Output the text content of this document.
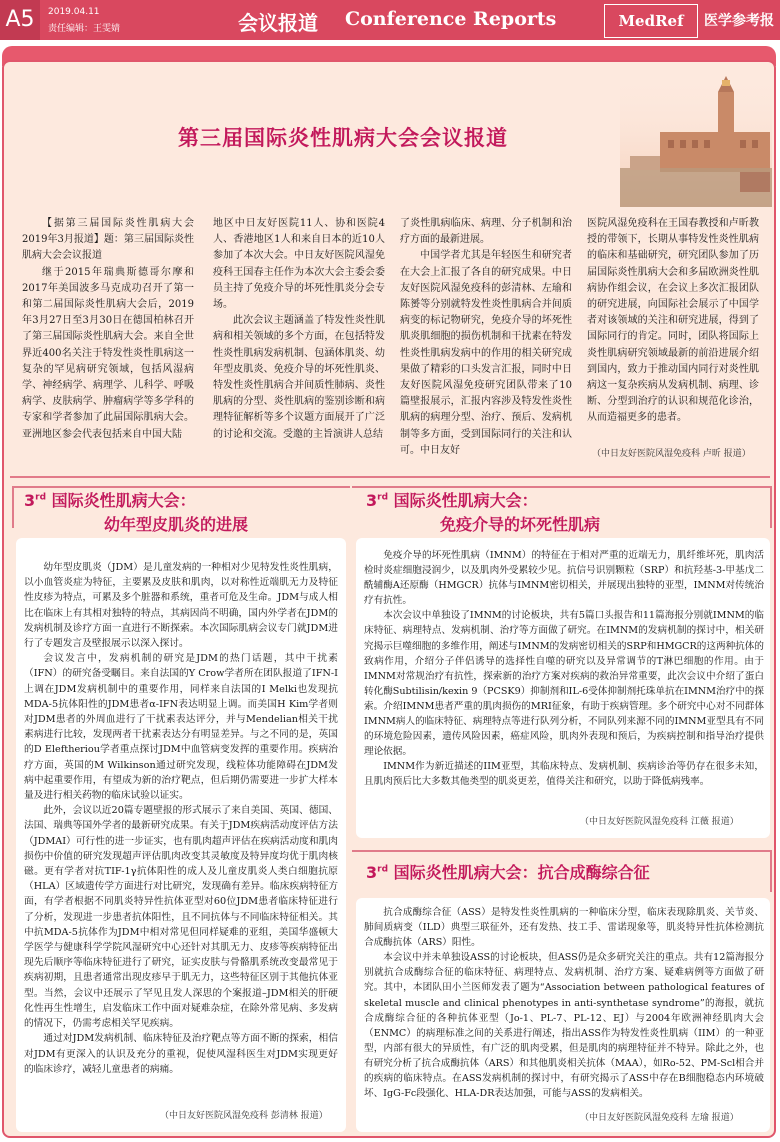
A5	2019.04.11
责任编辑：王雯婧	会议报道 Conference Reports	MedRef	医学参考报
第三届国际炎性肌病大会会议报道

【据第三届国际炎性肌病大会2019年3月报道】题：第三届国际炎性肌病大会会议报道

继于2015年瑞典斯德哥尔摩和2017年美国波多马克成功召开了第一和第二届国际炎性肌病大会后，2019年3月27日至3月30日在德国柏林召开了第三届国际炎性肌病大会。来自全世界近400名关注于特发性炎性肌病这一复杂的罕见病研究领域，包括风湿病学、神经病学、病理学、儿科学、呼吸病学、皮肤病学、肿瘤病学等多学科的专家和学者参加了此届国际肌病大会。亚洲地区参会代表包括来自中国大陆

地区中日友好医院11人、协和医院4人、香港地区1人和来自日本的近10人参加了本次大会。中日友好医院风湿免疫科王国春主任作为本次大会主委会委员主持了免疫介导的坏死性肌炎分会专场。

此次会议主题涵盖了特发性炎性肌病和相关领域的多个方面，在包括特发性炎性肌病发病机制、包涵体肌炎、幼年型皮肌炎、免疫介导的坏死性肌炎、特发性炎性肌病合并间质性肺病、炎性肌病的分型、炎性肌病的鉴别诊断和病理特征解析等多个议题方面展开了广泛的讨论和交流。受邀的主旨演讲人总结

了炎性肌病临床、病理、分子机制和治疗方面的最新进展。

中国学者尤其是年轻医生和研究者在大会上汇报了各自的研究成果。中日友好医院风湿免疫科的彭清林、左瑜和陈赟等分别就特发性炎性肌病合并间质病变的标记物研究，免疫介导的坏死性肌炎肌细胞的损伤机制和干扰素在特发性炎性肌病发病中的作用的相关研究成果做了精彩的口头发言汇报，同时中日友好医院风湿免疫研究团队带来了10篇壁报展示，汇报内容涉及特发性炎性肌病的病理分型、治疗、预后、发病机制等多方面，受到国际同行的关注和认可。中日友好

医院风湿免疫科在王国春教授和卢昕教授的带领下，长期从事特发性炎性肌病的临床和基础研究，研究团队参加了历届国际炎性肌病大会和多届欧洲炎性肌病协作组会议，在会议上多次汇报团队的研究进展，向国际社会展示了中国学者对该领域的关注和研究进展，得到了国际同行的肯定。同时，团队将国际上炎性肌病研究领域最新的前沿进展介绍到国内，致力于推动国内同行对炎性肌病这一复杂疾病从发病机制、病理、诊断、分型到治疗的认识和规范化诊治，从而造福更多的患者。

（中日友好医院风湿免疫科 卢昕 报道）
3rd 国际炎性肌病大会：
幼年型皮肌炎的进展

幼年型皮肌炎（JDM）是儿童发病的一种相对少见特发性炎性肌病，以小血管炎症为特征，主要累及皮肤和肌肉，以对称性近端肌无力及特征性皮疹为特点，可累及多个脏器和系统，重者可危及生命。JDM与成人相比在临床上有其相对独特的特点，其病因尚不明确，国内外学者在JDM的发病机制及诊疗方面一直进行不断探索。本次国际肌病会议专门就JDM进行了专题发言及壁报展示以深入探讨。

会议发言中，发病机制的研究是JDM的热门话题，其中干扰素（IFN）的研究备受瞩目。来自法国的Y Crow学者所在团队报道了IFN-I上调在JDM发病机制中的重要作用，同样来自法国的I Melki也发现抗MDA-5抗体阳性的JDM患者α-IFN表达明显上调。而美国H Kim学者则对JDM患者的外周血进行了干扰素表达评分，并与Mendelian相关干扰素病进行比较，发现两者干扰素表达分有明显差异。与之不同的是，英国的D Eleftheriou学者重点探讨JDM中血管病变发挥的重要作用。疾病治疗方面，英国的M Wilkinson通过研究发现，线粒体功能障碍在JDM发病中起重要作用，有望成为新的治疗靶点，但后期仍需要进一步扩大样本量及进行相关药物的临床试验以证实。

此外，会议以近20篇专题壁报的形式展示了来自美国、英国、德国、法国、瑞典等国外学者的最新研究成果。有关于JDM疾病活动度评估方法（JDMAI）可行性的进一步证实，也有肌肉超声评估在疾病活动度和肌肉损伤中价值的研究发现超声评估肌肉改变其灵敏度及特异度均优于肌肉核磁。更有学者对抗TIF-1γ抗体阳性的成人及儿童皮肌炎人类白细胞抗原（HLA）区域遗传学方面进行对比研究，发现确有差异。临床疾病特征方面，有学者根据不同肌炎特异性抗体亚型对60位JDM患者临床特征进行了分析，发现进一步患者抗体阳性，且不同抗体与不同临床特征相关。其中抗MDA-5抗体作为JDM中相对常见但同样疑难的亚组，美国华盛顿大学医学与健康科学学院风湿研究中心还针对其肌无力、皮疹等疾病特征出现先后顺序等临床特征进行了研究，证实皮肤与骨骼肌系统改变最常见于疾病初期，且患者通常出现皮疹早于肌无力，这些特征区别于其他抗体亚型。当然，会议中还展示了罕见且发人深思的个案报道–JDM相关的肝硬化性再生性增生，启发临床工作中面对疑难杂症，在除外常见病、多发病的情况下，仍需考虑相关罕见疾病。

通过对JDM发病机制、临床特征及治疗靶点等方面不断的探索，相信对JDM有更深入的认识及充分的重视，促使风湿科医生对JDM实现更好的临床诊疗，减轻儿童患者的病痛。

（中日友好医院风湿免疫科 彭清林 报道）
3rd 国际炎性肌病大会：
免疫介导的坏死性肌病

免疫介导的坏死性肌病（IMNM）的特征在于相对严重的近端无力，肌纤维坏死，肌肉活检时炎症细胞浸润少，以及肌肉外受累较少见。抗信号识别颗粒（SRP）和抗羟基-3-甲基戊二酰辅酶A还原酶（HMGCR）抗体与IMNM密切相关，并展现出独特的亚型，IMNM对传统治疗有抗性。

本次会议中单独设了IMNM的讨论板块，共有5篇口头报告和11篇海报分别就IMNM的临床特征、病理特点、发病机制、治疗等方面做了研究。在IMNM的发病机制的探讨中，相关研究揭示巨噬细胞的多维作用，阐述与IMNM的发病密切相关的SRP和HMGCR的这两种抗体的致病作用，介绍分子伴侣诱导的选择性自噬的研究以及异常调节的T淋巴细胞的作用。由于IMNM对常规治疗有抗性，探索新的治疗方案对疾病的救治异常重要，此次会议中介绍了蛋白转化酶Subtilisin/kexin 9（PCSK9）抑制剂和IL-6受体抑制剂托珠单抗在IMNM治疗中的探索。介绍IMNM患者严重的肌肉损伤的MRI征象，有助于疾病管理。多个研究中心对不同群体IMNM病人的临床特征、病理特点等进行队列分析，不同队列来源不同的IMNM亚型具有不同的环境危险因素，遗传风险因素，癌症风险，肌肉外表现和预后，为疾病控制和指导治疗提供理论依据。

IMNM作为新近描述的IIM亚型，其临床特点、发病机制、疾病诊治等仍存在很多未知，且肌肉预后比大多数其他类型的肌炎更差，值得关注和研究，以助于降低病残率。

（中日友好医院风湿免疫科 江薇 报道）
3rd 国际炎性肌病大会：抗合成酶综合征

抗合成酶综合征（ASS）是特发性炎性肌病的一种临床分型，临床表现除肌炎、关节炎、肺间质病变（ILD）典型三联征外，还有发热、技工手、雷诺现象等，肌炎特异性抗体检测抗合成酶抗体（ARS）阳性。

本会议中并未单独设ASS的讨论板块，但ASS仍是众多研究关注的重点。共有12篇海报分别就抗合成酶综合征的临床特征、病理特点、发病机制、治疗方案、疑难病例等方面做了研究。其中，本团队田小兰医师发表了题为“Association between pathological features of skeletal muscle and clinical phenotypes in anti-synthetase syndrome”的海报，就抗合成酶综合征的各种抗体亚型（Jo-1、PL-7、PL-12、EJ）与2004年欧洲神经肌肉大会（ENMC）的病理标准之间的关系进行阐述，指出ASS作为特发性炎性肌病（IIM）的一种亚型，内部有很大的异质性，有广泛的肌肉受累，但是肌肉的病理特征并不特异。除此之外，也有研究分析了抗合成酶抗体（ARS）和其他肌炎相关抗体（MAA），如Ro-52、PM-Scl相合并的疾病的临床特点。在ASS发病机制的探讨中，有研究揭示了ASS中存在B细胞稳态内环境破坏、IgG-Fc段强化、HLA-DR表达加强，可能与ASS的发病相关。

（中日友好医院风湿免疫科 左瑜 报道）
